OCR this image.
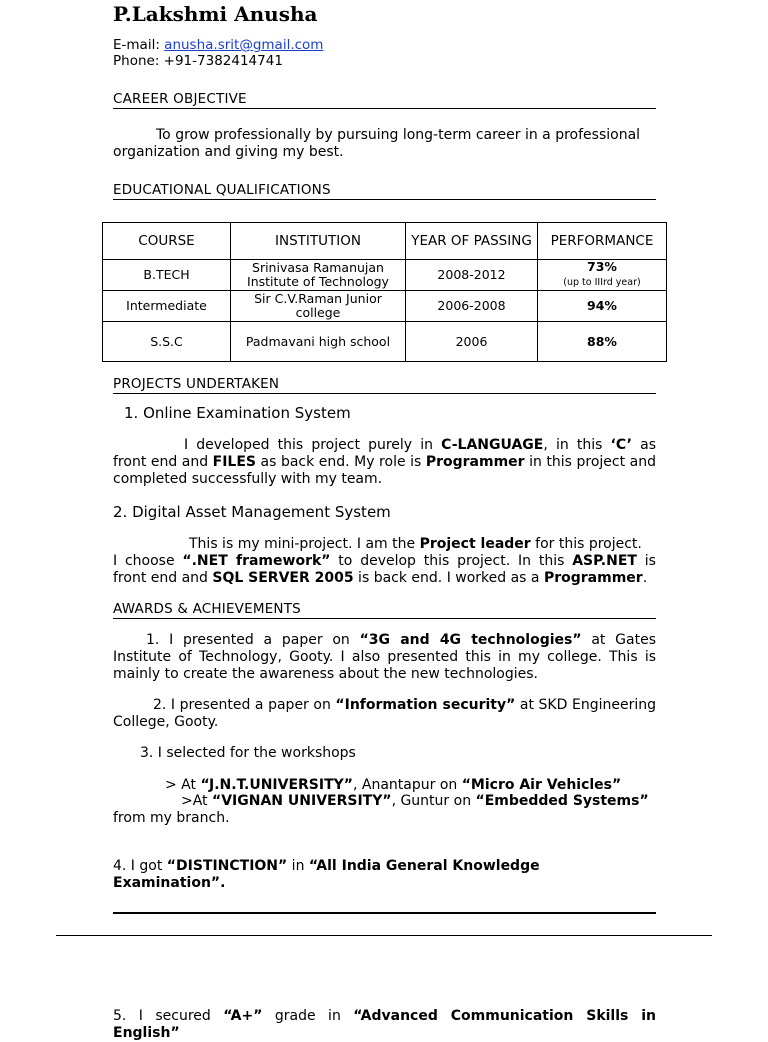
P.Lakshmi Anusha
E-mail: anusha.srit@gmail.com
Phone: +91-7382414741
CAREER OBJECTIVE
To grow professionally by pursuing long-term career in a professional organization and giving my best.
EDUCATIONAL QUALIFICATIONS
COURSE	INSTITUTION	YEAR OF PASSING	PERFORMANCE
B.TECH	Srinivasa Ramanujan Institute of Technology	2008-2012	73%
(up to IIIrd year)
Intermediate	Sir C.V.Raman Junior college	2006-2008	94%
S.S.C	Padmavani high school	2006	88%
PROJECTS UNDERTAKEN
1. Online Examination System
I developed this project purely in C-LANGUAGE, in this ‘C’ as front end and FILES as back end. My role is Programmer in this project and completed successfully with my team.
2. Digital Asset Management System
This is my mini-project. I am the Project leader for this project.
I choose “.NET framework” to develop this project. In this ASP.NET is front end and SQL SERVER 2005 is back end. I worked as a Programmer.
AWARDS & ACHIEVEMENTS
1. I presented a paper on “3G and 4G technologies” at Gates Institute of Technology, Gooty. I also presented this in my college. This is mainly to create the awareness about the new technologies.
2. I presented a paper on “Information security” at SKD Engineering College, Gooty.
3. I selected for the workshops
> At “J.N.T.UNIVERSITY”, Anantapur on “Micro Air Vehicles”
>At “VIGNAN UNIVERSITY”, Guntur on “Embedded Systems” from my branch.
4. I got “DISTINCTION” in “All India General Knowledge Examination”.
5. I secured “A+” grade in “Advanced Communication Skills in English”
